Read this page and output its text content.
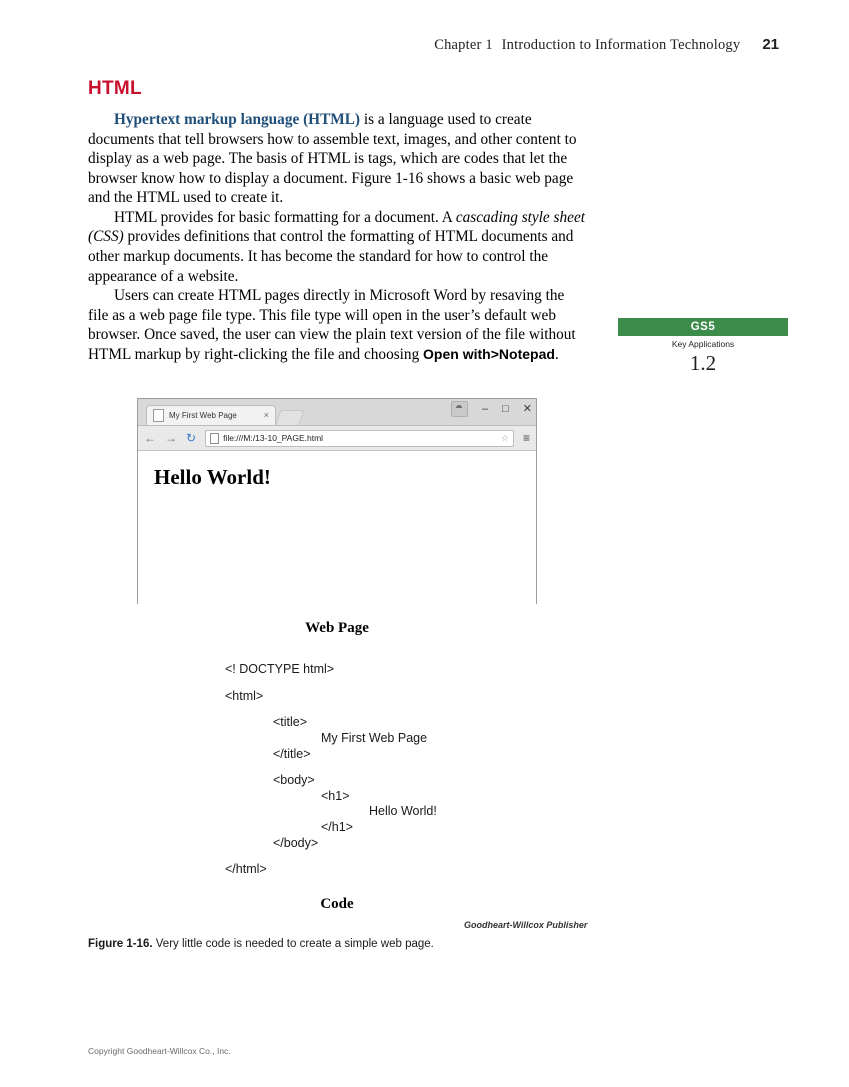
Chapter 1 Introduction to Information Technology 21
HTML

Hypertext markup language (HTML) is a language used to create documents that tell browsers how to assemble text, images, and other content to display as a web page. The basis of HTML is tags, which are codes that let the browser know how to display a document. Figure 1-16 shows a basic web page and the HTML used to create it.

HTML provides for basic formatting for a document. A cascading style sheet (CSS) provides definitions that control the formatting of HTML documents and other markup documents. It has become the standard for how to control the appearance of a website.

Users can create HTML pages directly in Microsoft Word by resaving the file as a web page file type. This file type will open in the user’s default web browser. Once saved, the user can view the plain text version of the file without HTML markup by right-clicking the file and choosing Open with>Notepad.

GS5
Key Applications
1.2
My First Web Page	×
– □ ✕
← → ↻	file:///M:/13-10_PAGE.html	☆ ≡
Hello World!
Web Page
<! DOCTYPE html>
<html>
<title>
My First Web Page
</title>
<body>
<h1>
Hello World!
</h1>
</body>
</html>
Code
Goodheart-Willcox Publisher
Figure 1-16. Very little code is needed to create a simple web page.
Copyright Goodheart-Willcox Co., Inc.
